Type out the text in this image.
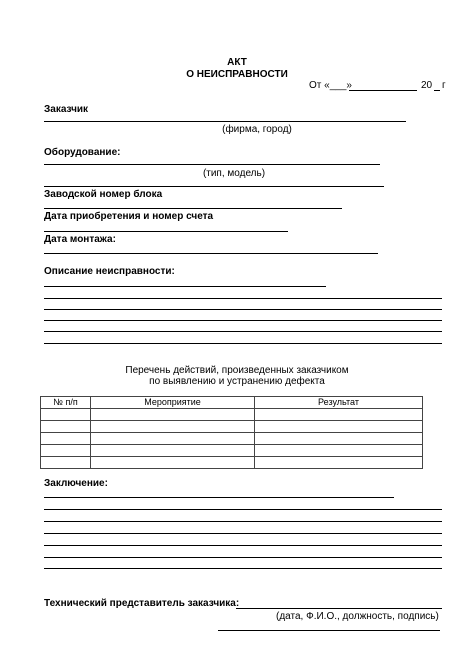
АКТ
О НЕИСПРАВНОСТИ
От «___»	20 г
Заказчик
(фирма, город)
Оборудование:
(тип, модель)
Заводской номер блока
Дата приобретения и номер счета
Дата монтажа:
Описание неисправности:
Перечень действий, произведенных заказчиком
по выявлению и устранению дефекта
№ п/п	Мероприятие	Результат

Заключение:
Технический представитель заказчика:
(дата, Ф.И.О., должность, подпись)
